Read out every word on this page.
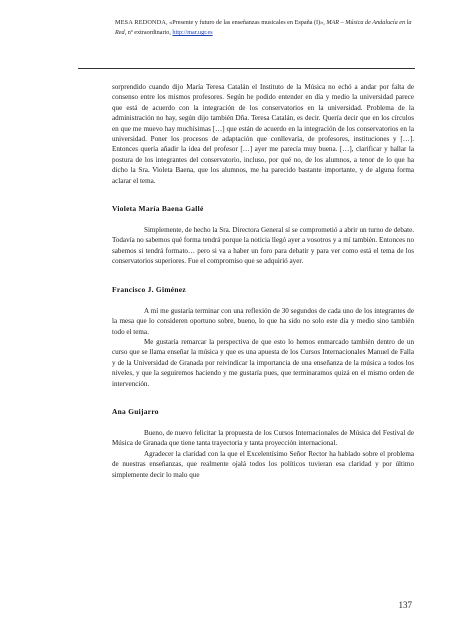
MESA REDONDA, «Presente y futuro de las enseñanzas musicales en España (I)», MAR – Música de Andalucía en la Red, nº extraordinario, http://mar.ugr.es

sorprendido cuando dijo María Teresa Catalán el Instituto de la Música no echó a andar por falta de consenso entre los mismos profesores. Según he podido entender en día y medio la universidad parece que está de acuerdo con la integración de los conservatorios en la universidad. Problema de la administración no hay, según dijo también Dña. Teresa Catalán, es decir. Quería decir que en los círculos en que me muevo hay muchísimas […] que están de acuerdo en la integración de los conservatorios en la universidad. Poner los procesos de adaptación que conllevaría, de profesores, instituciones y […]. Entonces quería añadir la idea del profesor […] ayer me parecía muy buena. […], clarificar y hallar la postura de los integrantes del conservatorio, incluso, por qué no, de los alumnos, a tenor de lo que ha dicho la Sra. Violeta Baena, que los alumnos, me ha parecido bastante importante, y de alguna forma aclarar el tema.

Violeta María Baena Gallé

Simplemente, de hecho la Sra. Directora General sí se comprometió a abrir un turno de debate. Todavía no sabemos qué forma tendrá porque la noticia llegó ayer a vosotros y a mí también. Entonces no sabemos si tendrá formato… pero si va a haber un foro para debatir y para ver como está el tema de los conservatorios superiores. Fue el compromiso que se adquirió ayer.

Francisco J. Giménez

A mí me gustaría terminar con una reflexión de 30 segundos de cada uno de los integrantes de la mesa que lo consideren oportuno sobre, bueno, lo que ha sido no solo este día y medio sino también todo el tema.

Me gustaría remarcar la perspectiva de que esto lo hemos enmarcado también dentro de un curso que se llama enseñar la música y que es una apuesta de los Cursos Internacionales Manuel de Falla y de la Universidad de Granada por reivindicar la importancia de una enseñanza de la música a todos los niveles, y que la seguiremos haciendo y me gustaría pues, que terminaramos quizá en el mismo orden de intervención.

Ana Guijarro

Bueno, de nuevo felicitar la propuesta de los Cursos Internacionales de Música del Festival de Música de Granada que tiene tanta trayectoria y tanta proyección internacional.

Agradecer la claridad con la que el Excelentísimo Señor Rector ha hablado sobre el problema de nuestras enseñanzas, que realmente ojalá todos los políticos tuvieran esa claridad y por último simplemente decir lo malo que

137
